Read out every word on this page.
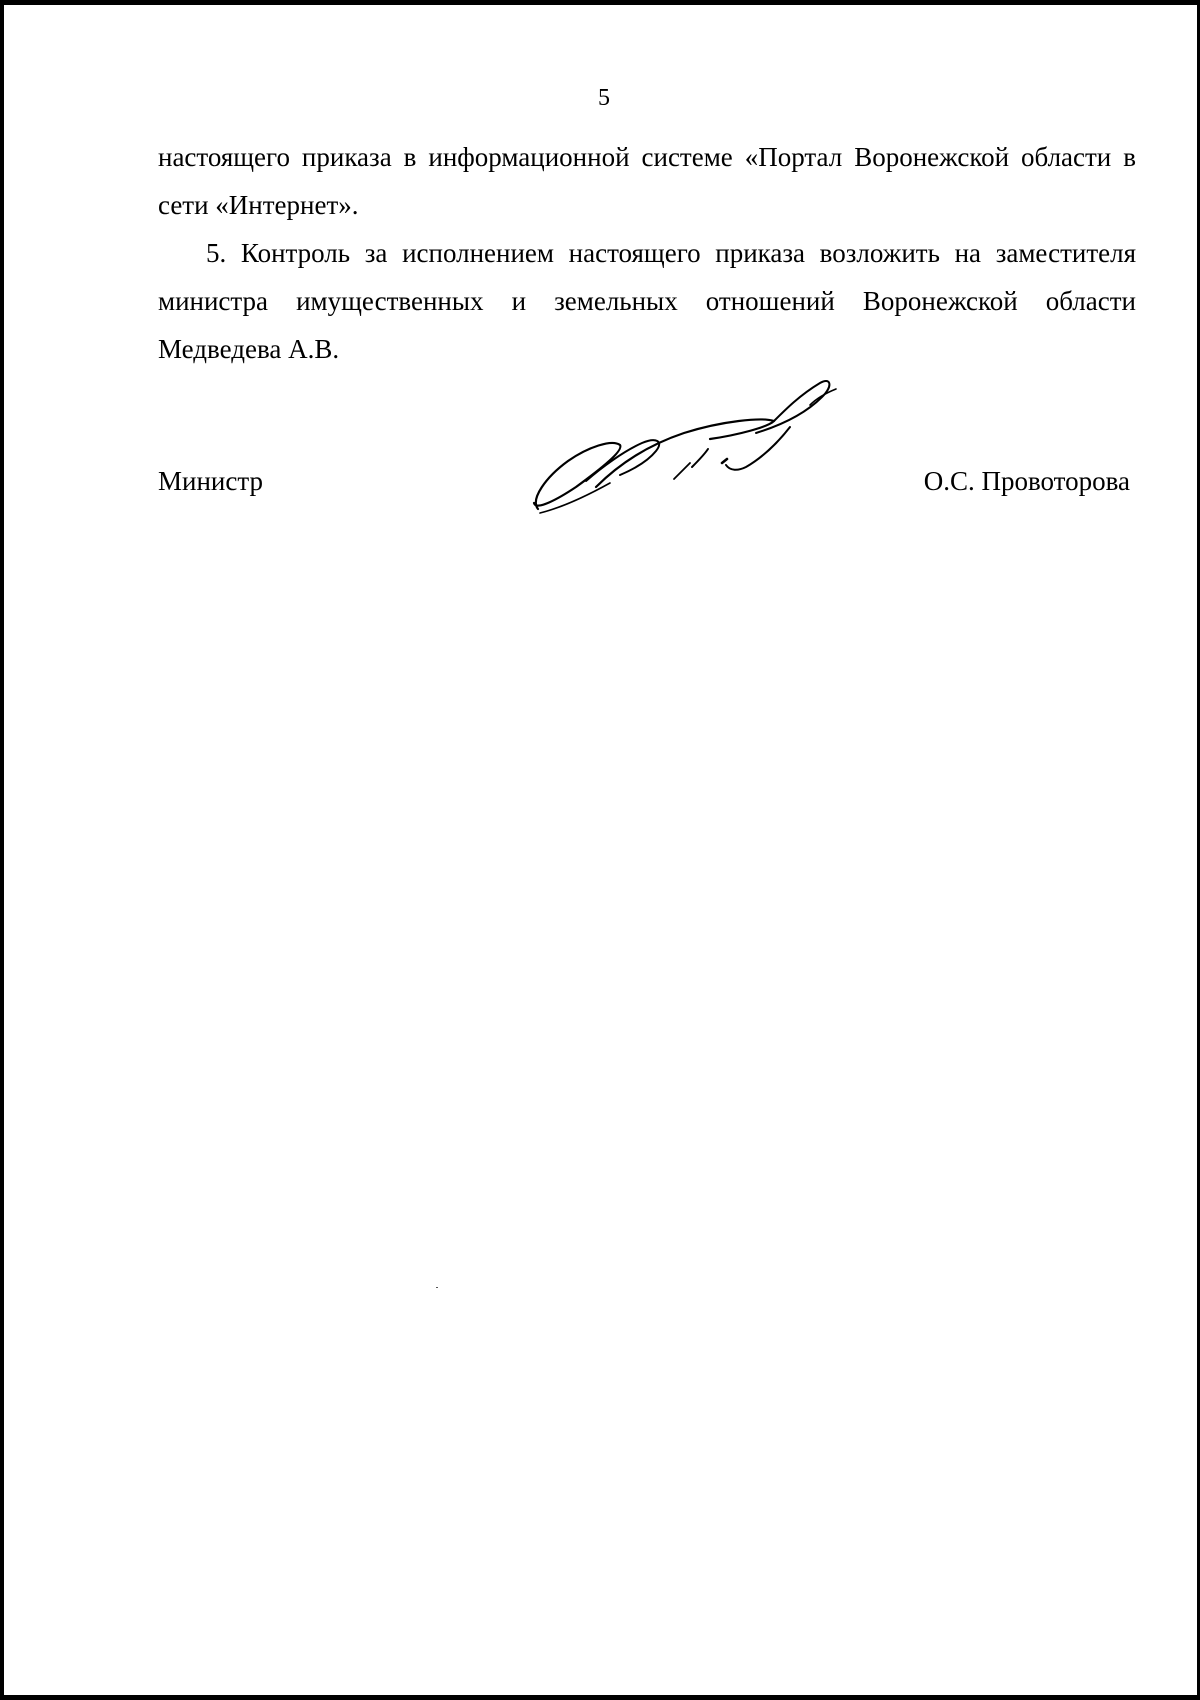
5

настоящего приказа в информационной системе «Портал Воронежской области в сети «Интернет».

5. Контроль за исполнением настоящего приказа возложить на заместителя министра имущественных и земельных отношений Воронежской области Медведева А.В.

Министр	О.С. Провоторова
